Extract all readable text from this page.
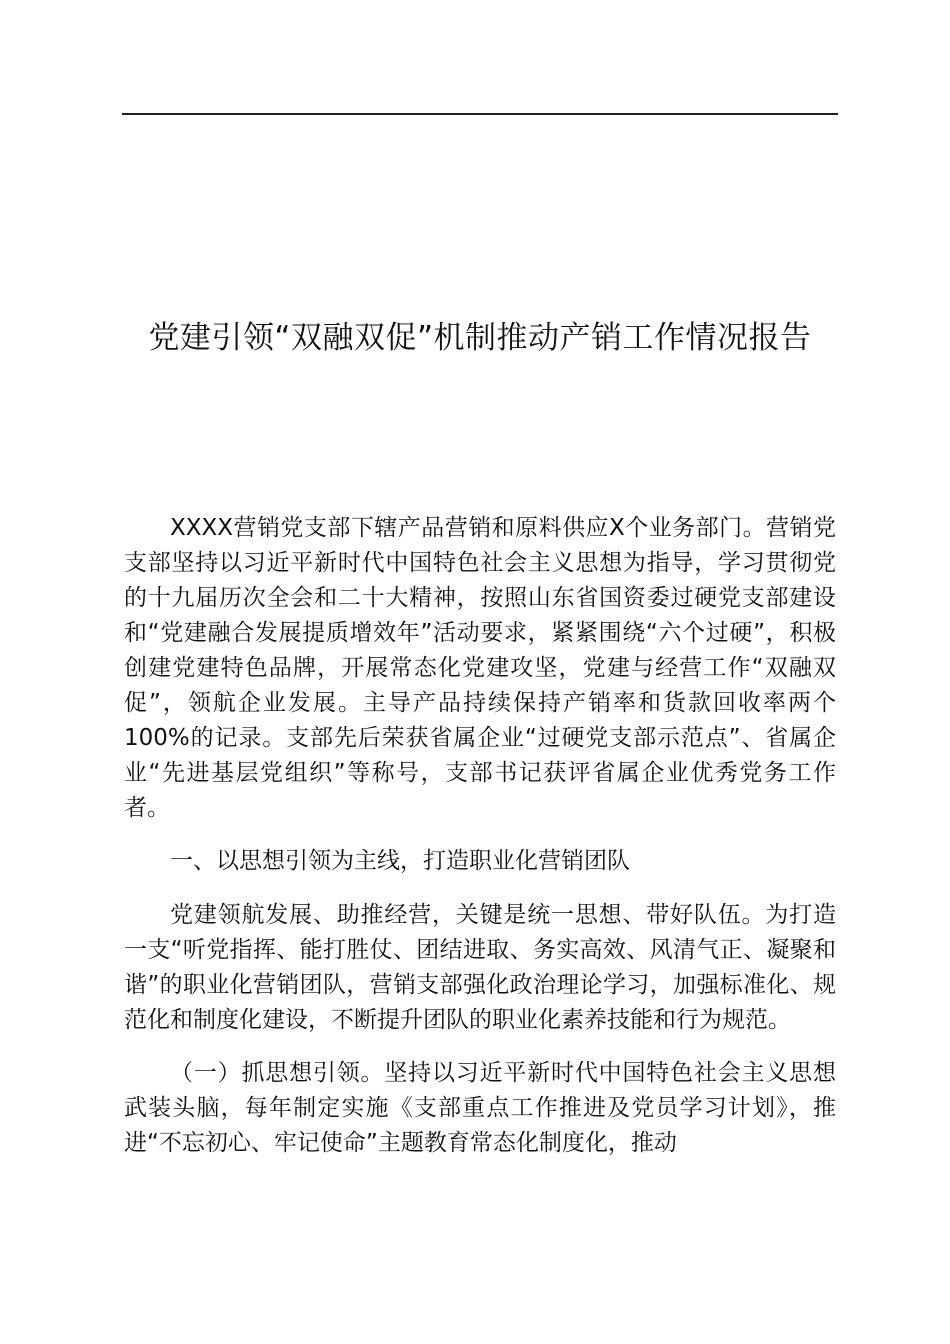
党建引领“双融双促”机制推动产销工作情况报告

XXXX营销党支部下辖产品营销和原料供应X个业务部门。营销党支部坚持以习近平新时代中国特色社会主义思想为指导，学习贯彻党的十九届历次全会和二十大精神，按照山东省国资委过硬党支部建设和“党建融合发展提质增效年”活动要求，紧紧围绕“六个过硬”，积极创建党建特色品牌，开展常态化党建攻坚，党建与经营工作“双融双促”，领航企业发展。主导产品持续保持产销率和货款回收率两个100%的记录。支部先后荣获省属企业“过硬党支部示范点”、省属企业“先进基层党组织”等称号，支部书记获评省属企业优秀党务工作者。

一、以思想引领为主线，打造职业化营销团队

党建领航发展、助推经营，关键是统一思想、带好队伍。为打造一支“听党指挥、能打胜仗、团结进取、务实高效、风清气正、凝聚和谐”的职业化营销团队，营销支部强化政治理论学习，加强标准化、规范化和制度化建设，不断提升团队的职业化素养技能和行为规范。

（一）抓思想引领。坚持以习近平新时代中国特色社会主义思想武装头脑，每年制定实施《支部重点工作推进及党员学习计划》，推进“不忘初心、牢记使命”主题教育常态化制度化，推动
